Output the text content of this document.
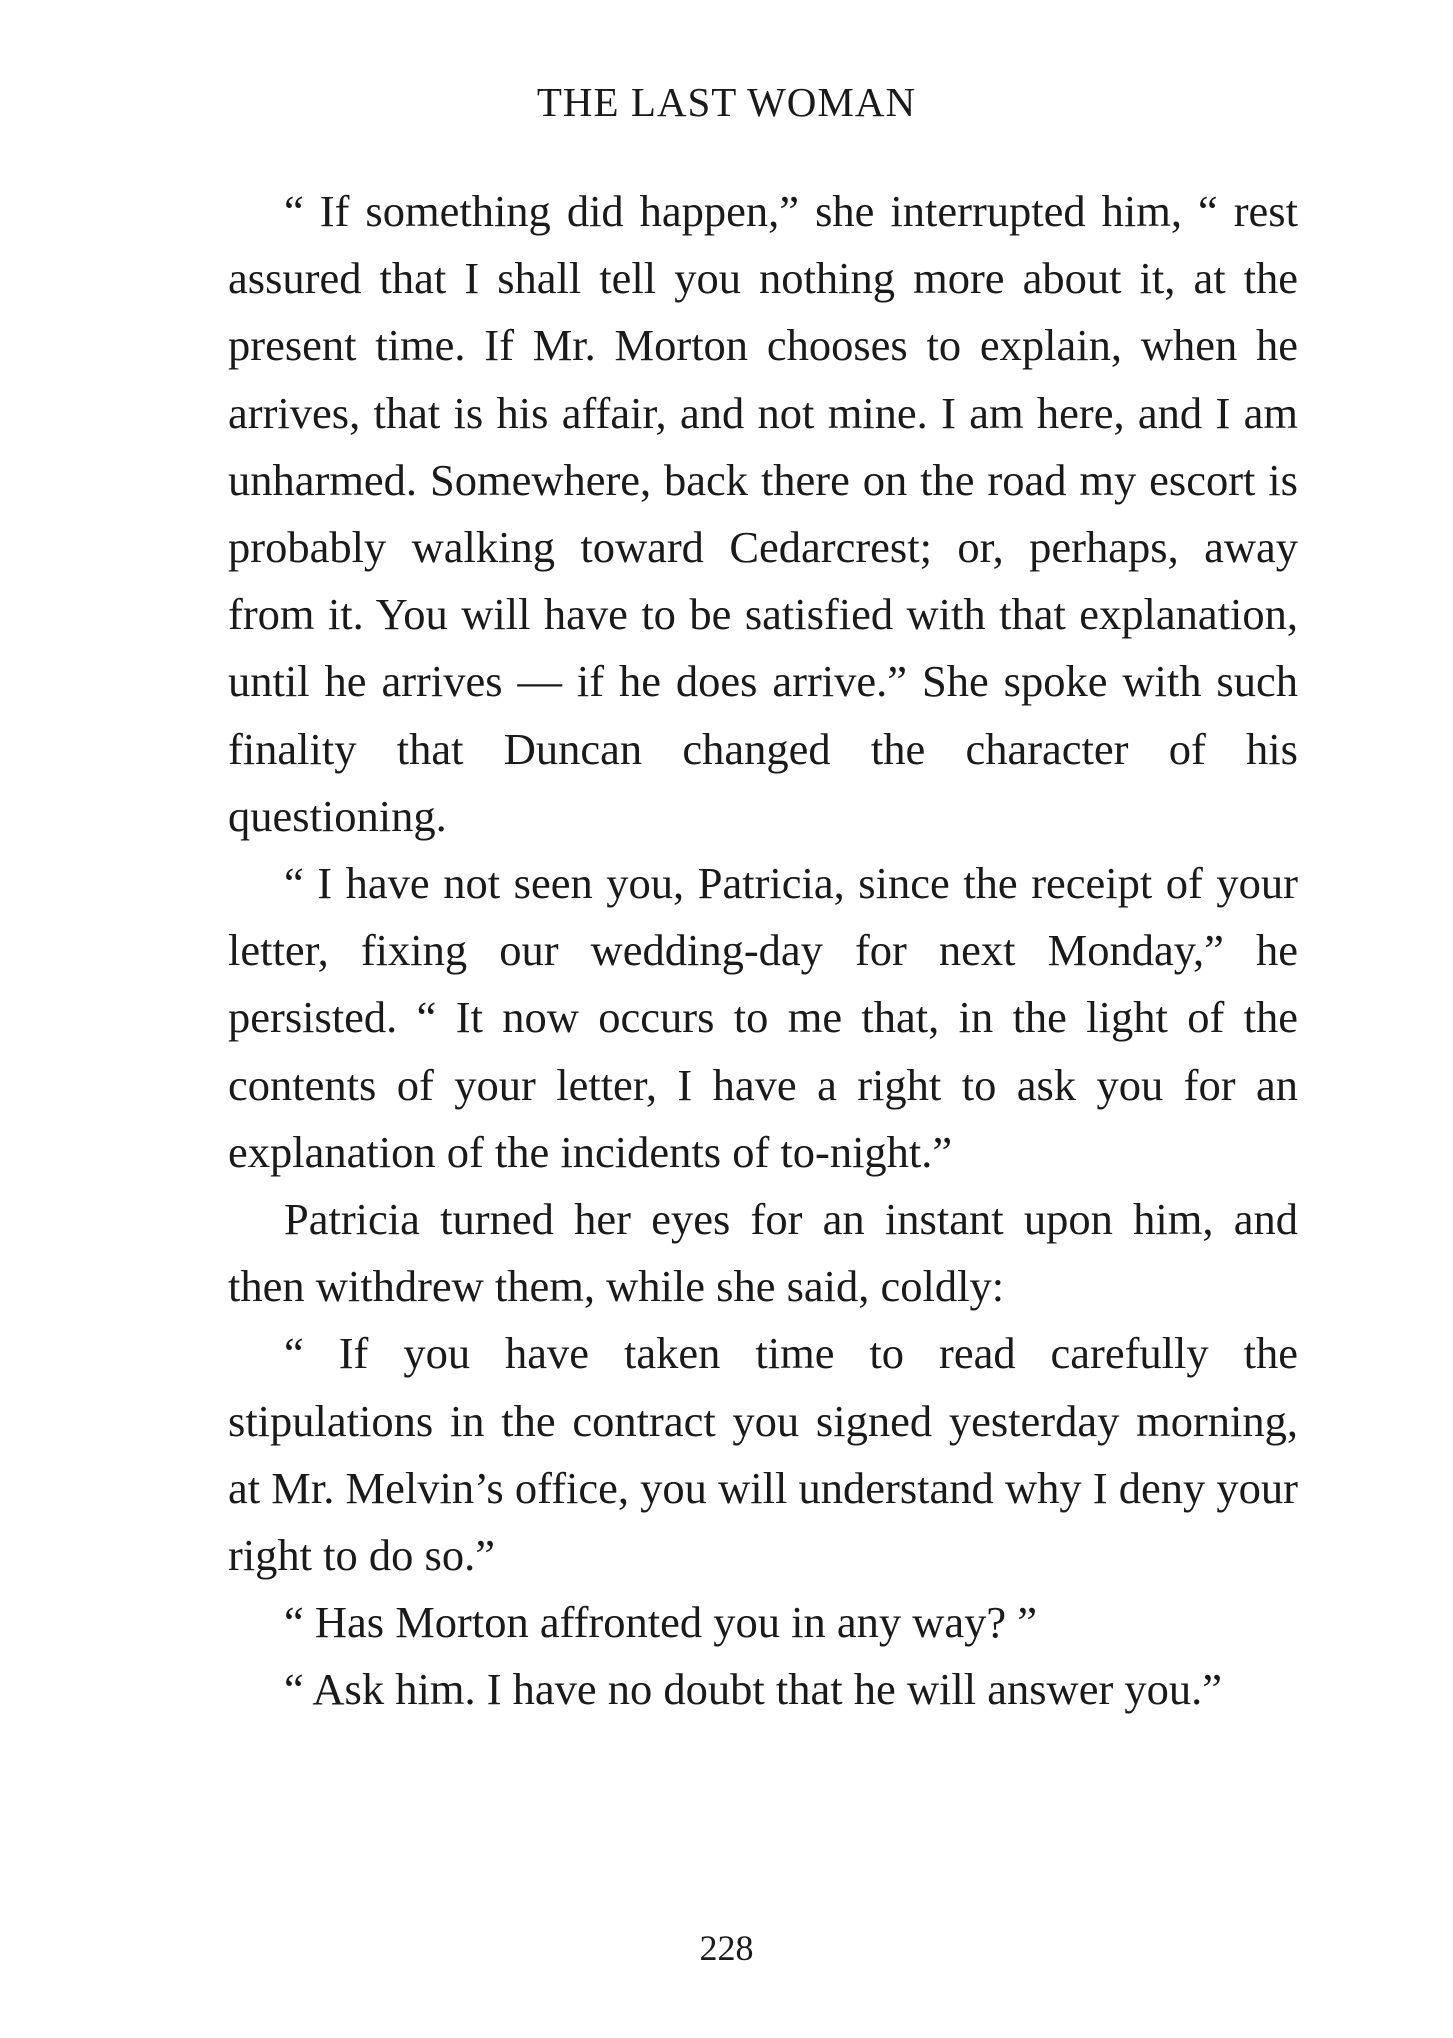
THE LAST WOMAN

“ If something did happen,” she interrupted him, “ rest assured that I shall tell you nothing more about it, at the present time. If Mr. Morton chooses to explain, when he arrives, that is his affair, and not mine. I am here, and I am unharmed. Somewhere, back there on the road my escort is probably walking toward Cedarcrest; or, perhaps, away from it. You will have to be satisfied with that explanation, until he arrives — if he does arrive.” She spoke with such finality that Duncan changed the character of his questioning.

“ I have not seen you, Patricia, since the receipt of your letter, fixing our wedding-day for next Monday,” he persisted. “ It now occurs to me that, in the light of the contents of your letter, I have a right to ask you for an explanation of the incidents of to-night.”

Patricia turned her eyes for an instant upon him, and then withdrew them, while she said, coldly:

“ If you have taken time to read carefully the stipulations in the contract you signed yesterday morning, at Mr. Melvin’s office, you will understand why I deny your right to do so.”

“ Has Morton affronted you in any way? ”

“ Ask him. I have no doubt that he will answer you.”

228
